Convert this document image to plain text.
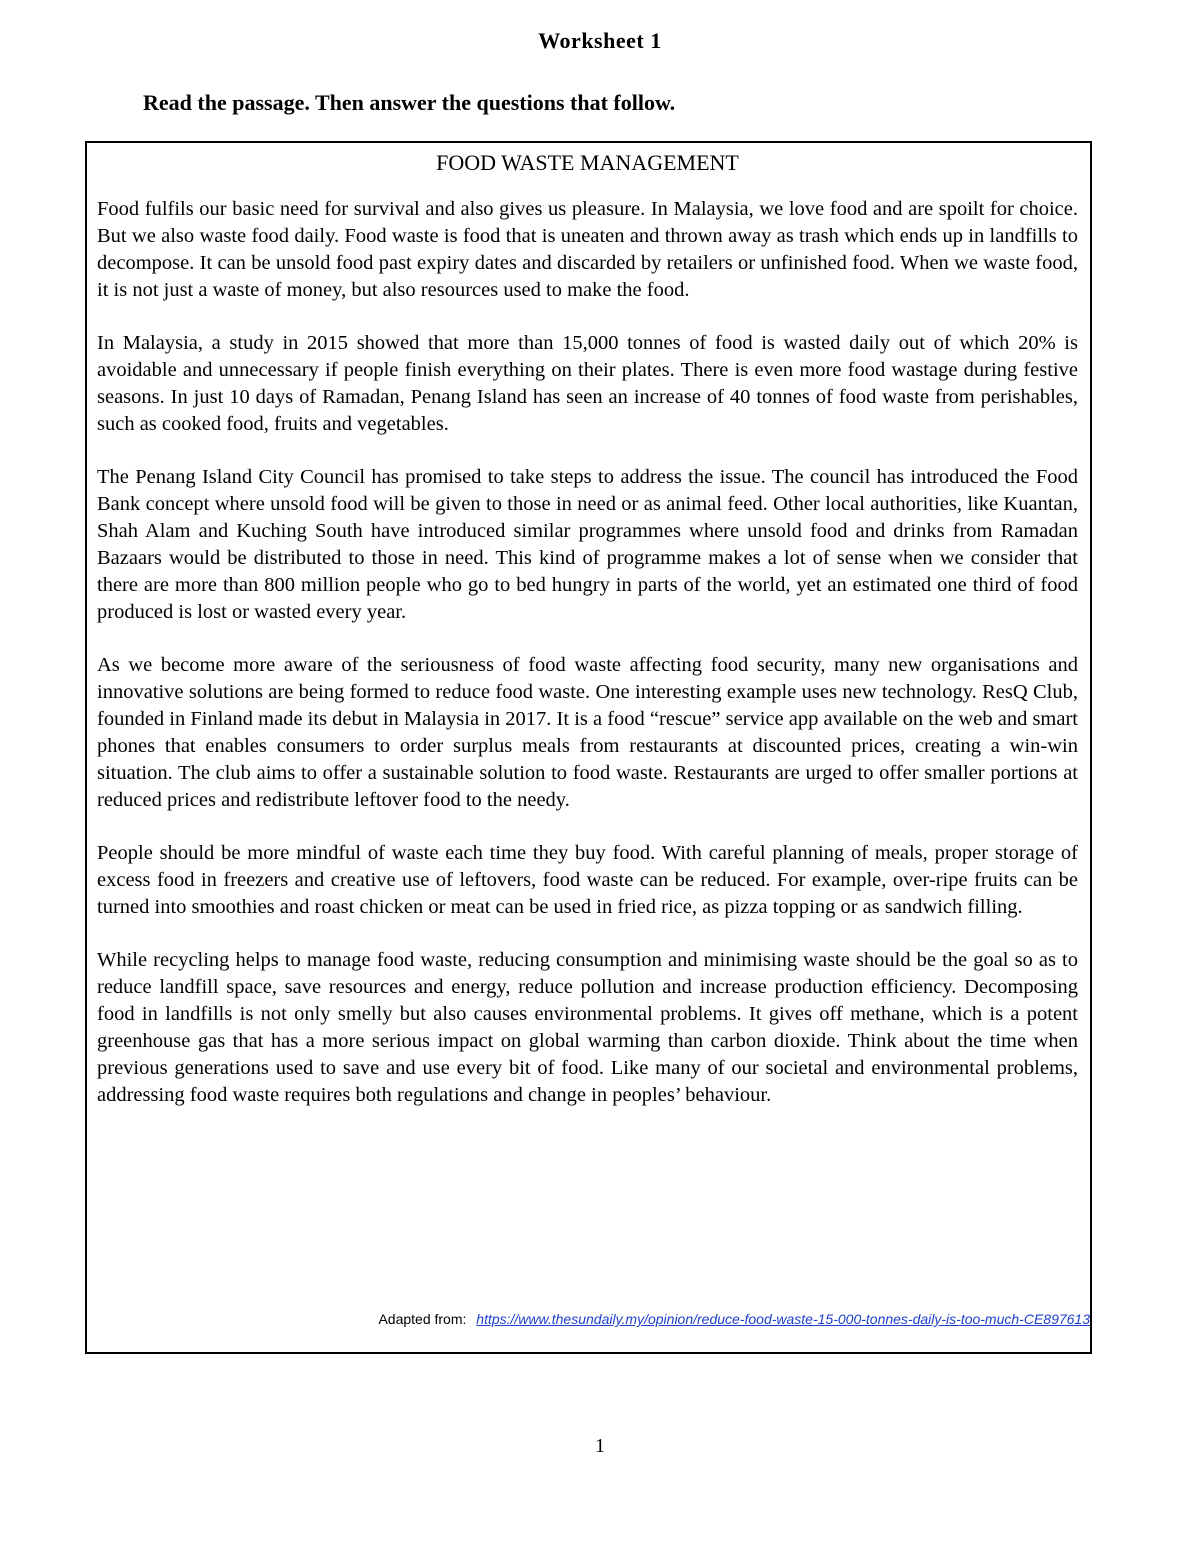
Worksheet 1
Read the passage. Then answer the questions that follow.
FOOD WASTE MANAGEMENT

Food fulfils our basic need for survival and also gives us pleasure. In Malaysia, we love food and are spoilt for choice. But we also waste food daily. Food waste is food that is uneaten and thrown away as trash which ends up in landfills to decompose. It can be unsold food past expiry dates and discarded by retailers or unfinished food. When we waste food, it is not just a waste of money, but also resources used to make the food.

In Malaysia, a study in 2015 showed that more than 15,000 tonnes of food is wasted daily out of which 20% is avoidable and unnecessary if people finish everything on their plates. There is even more food wastage during festive seasons. In just 10 days of Ramadan, Penang Island has seen an increase of 40 tonnes of food waste from perishables, such as cooked food, fruits and vegetables.

The Penang Island City Council has promised to take steps to address the issue. The council has introduced the Food Bank concept where unsold food will be given to those in need or as animal feed. Other local authorities, like Kuantan, Shah Alam and Kuching South have introduced similar programmes where unsold food and drinks from Ramadan Bazaars would be distributed to those in need. This kind of programme makes a lot of sense when we consider that there are more than 800 million people who go to bed hungry in parts of the world, yet an estimated one third of food produced is lost or wasted every year.

As we become more aware of the seriousness of food waste affecting food security, many new organisations and innovative solutions are being formed to reduce food waste. One interesting example uses new technology. ResQ Club, founded in Finland made its debut in Malaysia in 2017. It is a food “rescue” service app available on the web and smart phones that enables consumers to order surplus meals from restaurants at discounted prices, creating a win-win situation. The club aims to offer a sustainable solution to food waste. Restaurants are urged to offer smaller portions at reduced prices and redistribute leftover food to the needy.

People should be more mindful of waste each time they buy food. With careful planning of meals, proper storage of excess food in freezers and creative use of leftovers, food waste can be reduced. For example, over-ripe fruits can be turned into smoothies and roast chicken or meat can be used in fried rice, as pizza topping or as sandwich filling.

While recycling helps to manage food waste, reducing consumption and minimising waste should be the goal so as to reduce landfill space, save resources and energy, reduce pollution and increase production efficiency. Decomposing food in landfills is not only smelly but also causes environmental problems. It gives off methane, which is a potent greenhouse gas that has a more serious impact on global warming than carbon dioxide. Think about the time when previous generations used to save and use every bit of food. Like many of our societal and environmental problems, addressing food waste requires both regulations and change in peoples’ behaviour.

Adapted from: https://www.thesundaily.my/opinion/reduce-food-waste-15-000-tonnes-daily-is-too-much-CE897613
1
